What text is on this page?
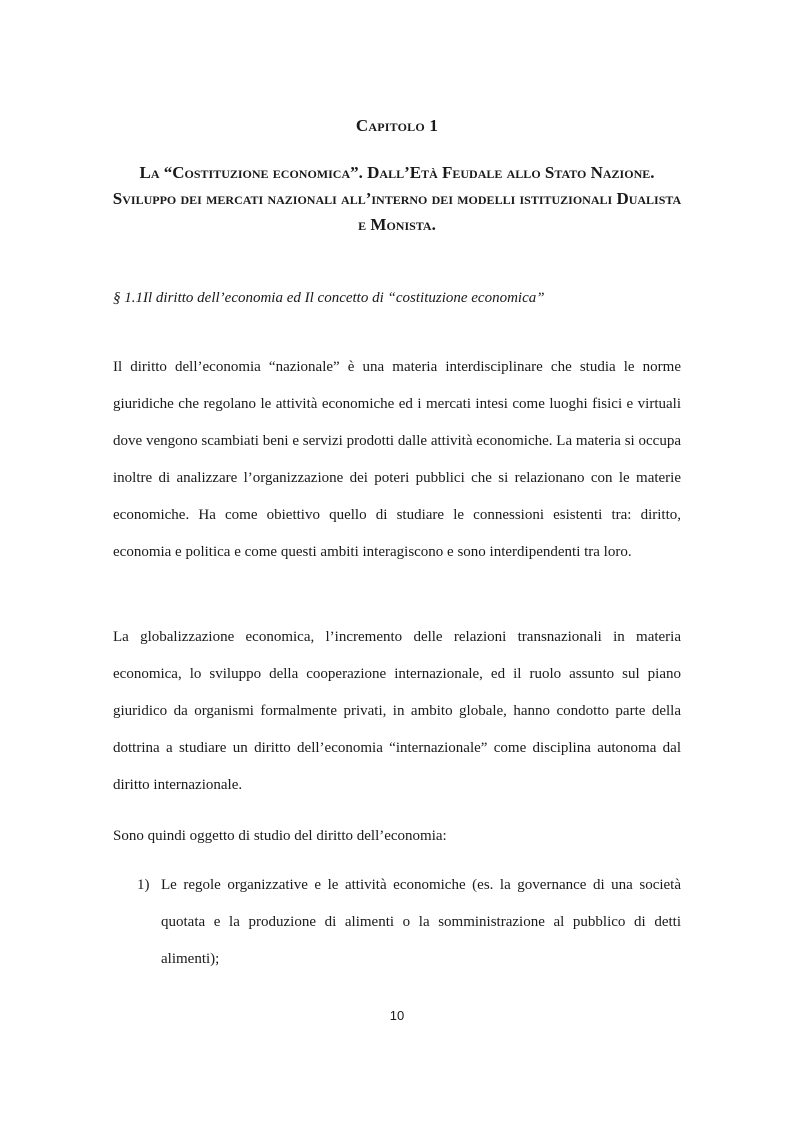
Capitolo 1
La “Costituzione economica”. Dall’Età Feudale allo Stato Nazione. Sviluppo dei mercati nazionali all’interno dei modelli istituzionali Dualista e Monista.
§ 1.1Il diritto dell’economia ed Il concetto di “costituzione economica”

Il diritto dell’economia “nazionale” è una materia interdisciplinare che studia le norme giuridiche che regolano le attività economiche ed i mercati intesi come luoghi fisici e virtuali dove vengono scambiati beni e servizi prodotti dalle attività economiche. La materia si occupa inoltre di analizzare l’organizzazione dei poteri pubblici che si relazionano con le materie economiche. Ha come obiettivo quello di studiare le connessioni esistenti tra: diritto, economia e politica e come questi ambiti interagiscono e sono interdipendenti tra loro.

La globalizzazione economica, l’incremento delle relazioni transnazionali in materia economica, lo sviluppo della cooperazione internazionale, ed il ruolo assunto sul piano giuridico da organismi formalmente privati, in ambito globale, hanno condotto parte della dottrina a studiare un diritto dell’economia “internazionale” come disciplina autonoma dal diritto internazionale.

Sono quindi oggetto di studio del diritto dell’economia:

1) Le regole organizzative e le attività economiche (es. la governance di una società quotata e la produzione di alimenti o la somministrazione al pubblico di detti alimenti);
10
